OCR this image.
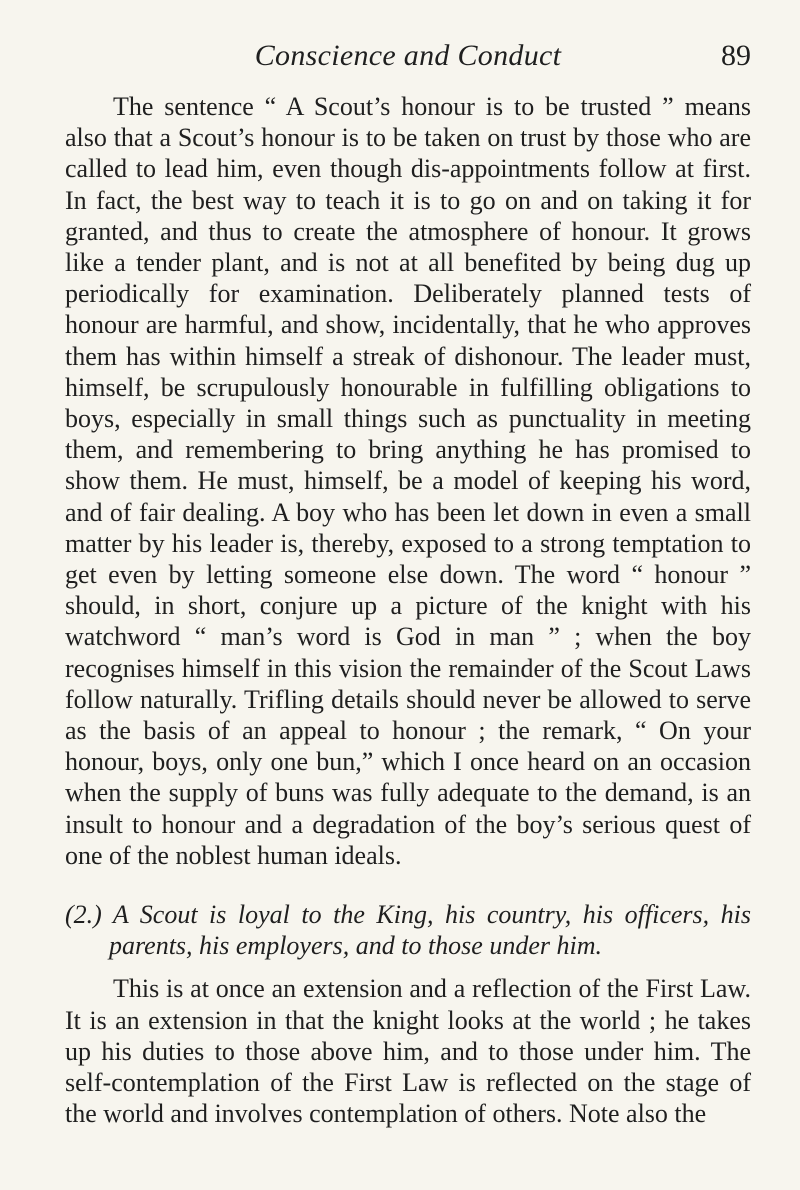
Conscience and Conduct	89

The sentence “ A Scout’s honour is to be trusted ” means also that a Scout’s honour is to be taken on trust by those who are called to lead him, even though dis-appointments follow at first. In fact, the best way to teach it is to go on and on taking it for granted, and thus to create the atmosphere of honour. It grows like a tender plant, and is not at all benefited by being dug up periodically for examination. Deliberately planned tests of honour are harmful, and show, incidentally, that he who approves them has within himself a streak of dishonour. The leader must, himself, be scrupulously honourable in fulfilling obligations to boys, especially in small things such as punctuality in meeting them, and remembering to bring anything he has promised to show them. He must, himself, be a model of keeping his word, and of fair dealing. A boy who has been let down in even a small matter by his leader is, thereby, exposed to a strong temptation to get even by letting someone else down. The word “ honour ” should, in short, conjure up a picture of the knight with his watchword “ man’s word is God in man ” ; when the boy recognises himself in this vision the remainder of the Scout Laws follow naturally. Trifling details should never be allowed to serve as the basis of an appeal to honour ; the remark, “ On your honour, boys, only one bun,” which I once heard on an occasion when the supply of buns was fully adequate to the demand, is an insult to honour and a degradation of the boy’s serious quest of one of the noblest human ideals.

(2.) A Scout is loyal to the King, his country, his officers, his parents, his employers, and to those under him.

This is at once an extension and a reflection of the First Law. It is an extension in that the knight looks at the world ; he takes up his duties to those above him, and to those under him. The self-contemplation of the First Law is reflected on the stage of the world and involves contemplation of others. Note also the
